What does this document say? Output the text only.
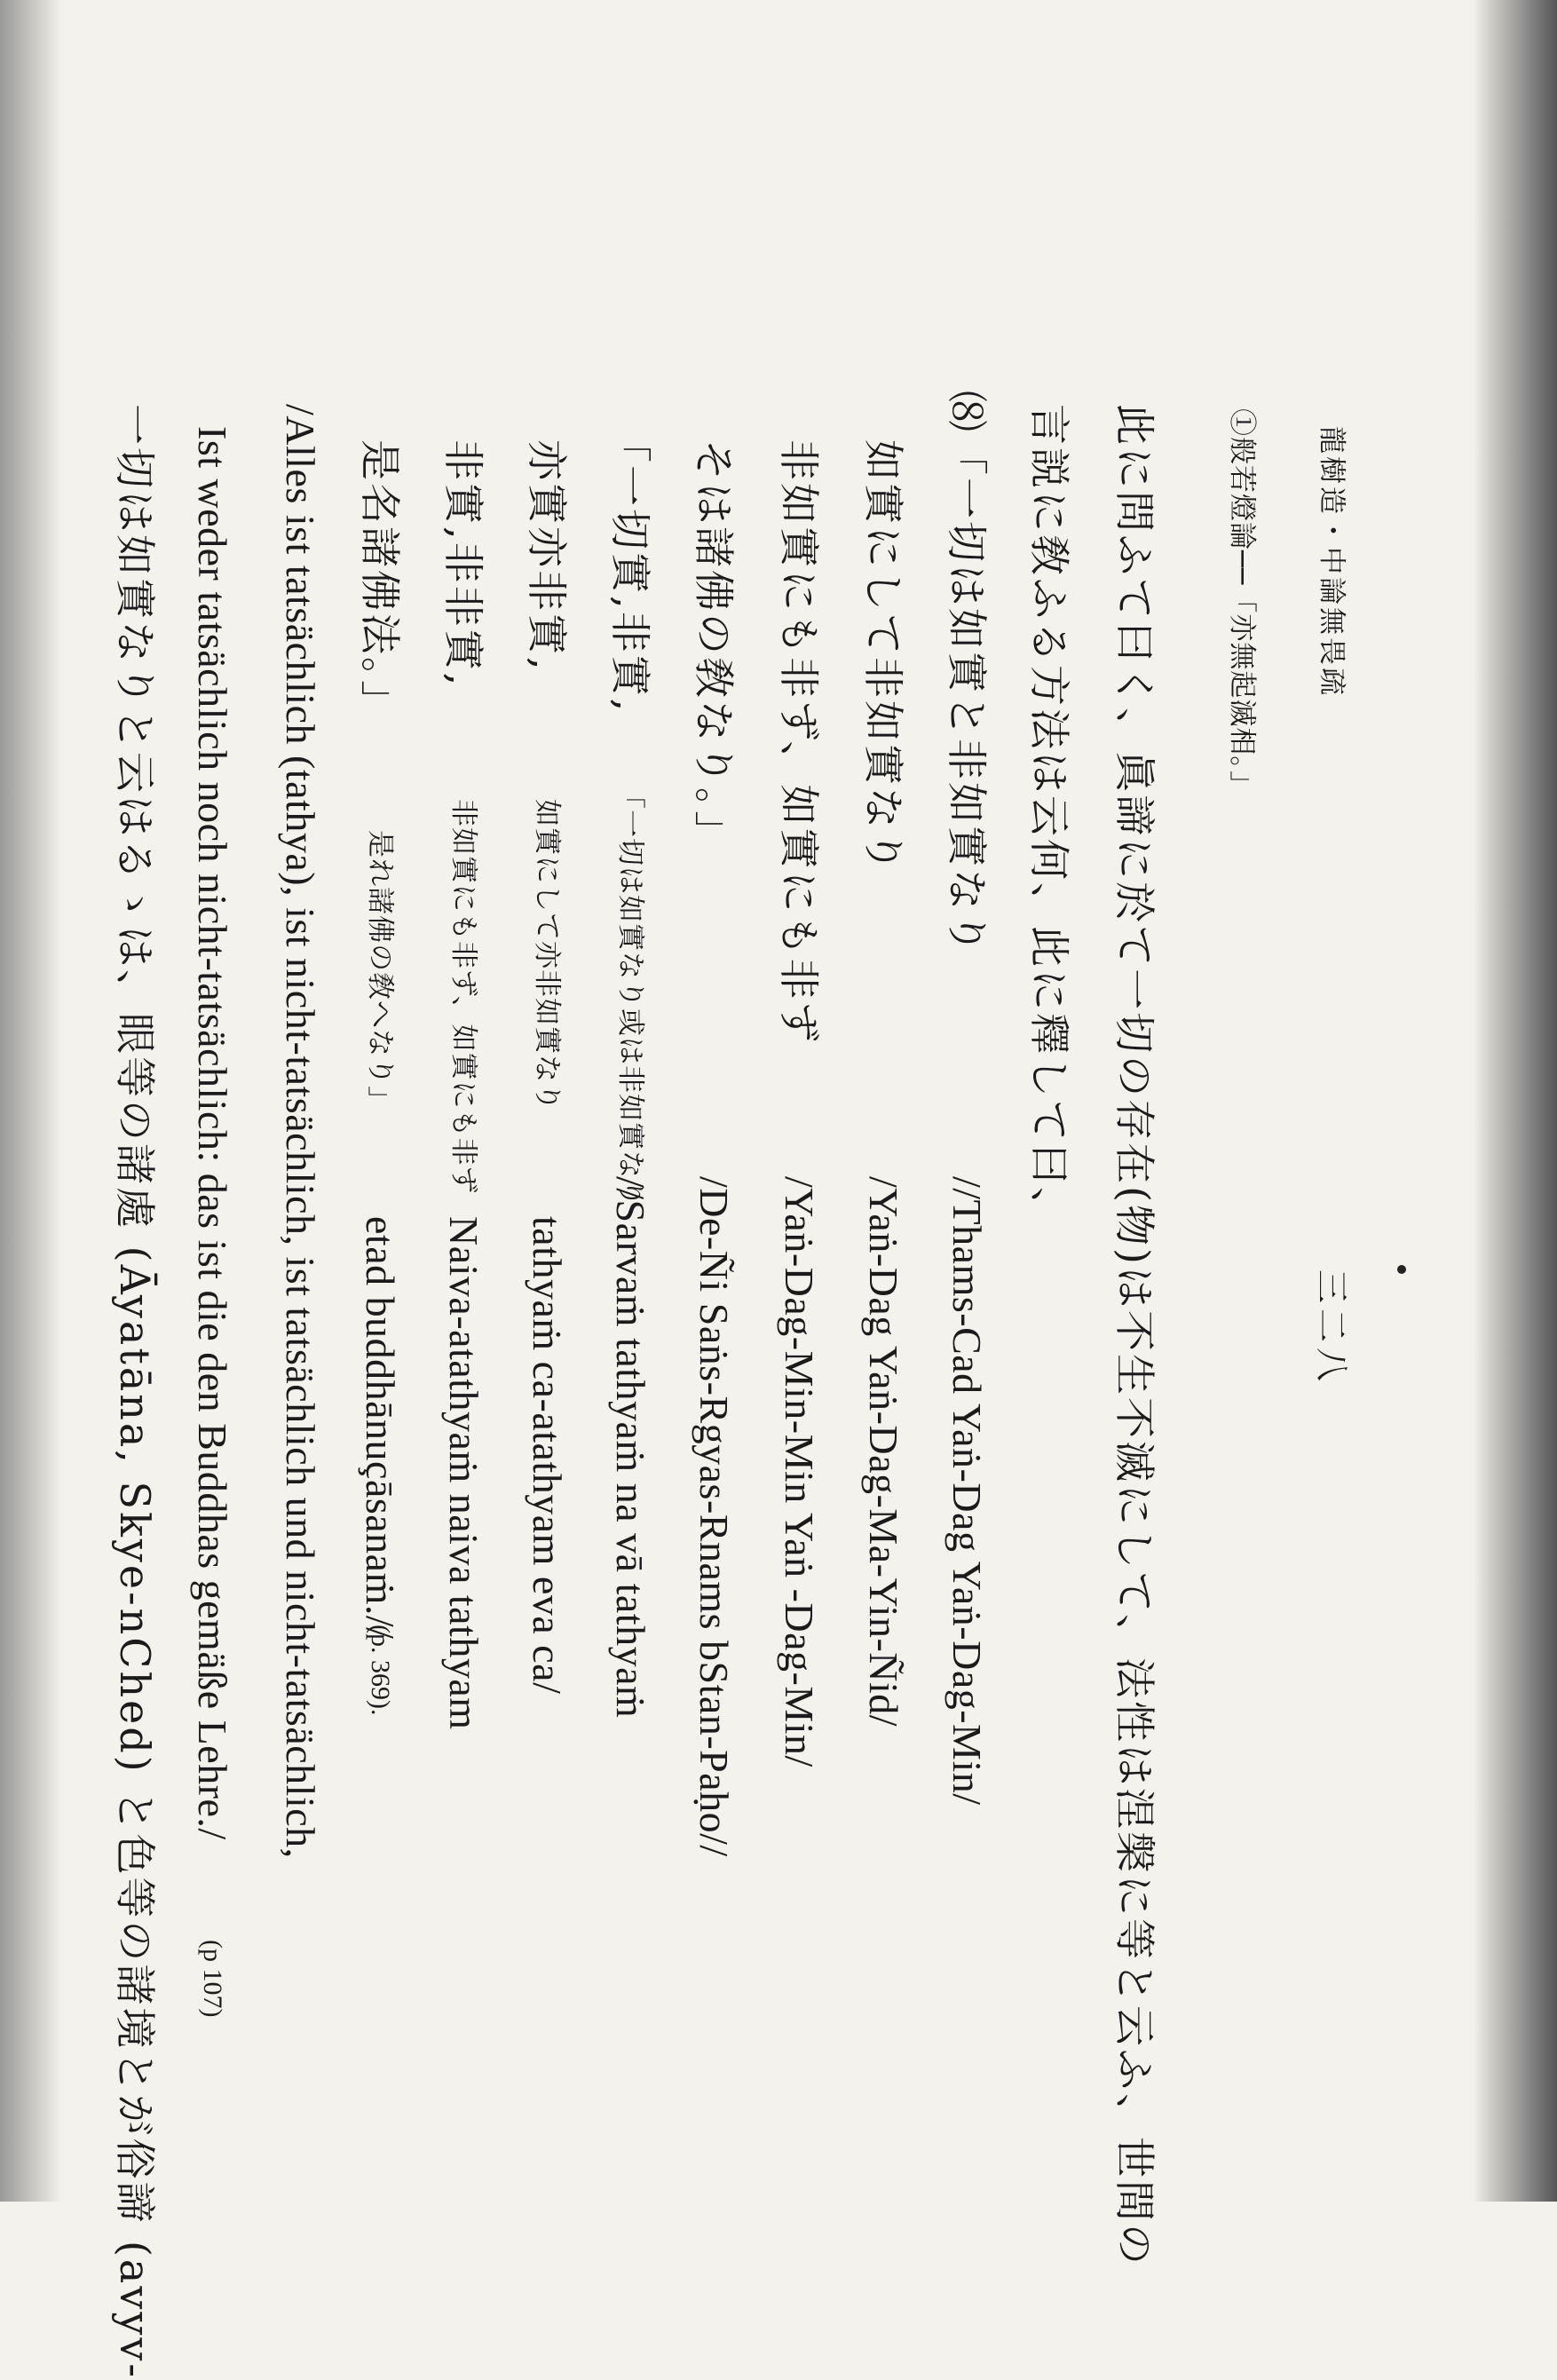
龍樹造・中論無畏疏
三二八
①般若燈論──「亦無起滅相。」
此に問ふて曰く、眞諦に於て一切の存在(物)は不生不滅にして、法性は涅槃に等と云ふ、世間の
言説に敎ふる方法は云何、此に釋して曰、
⑻「一切は如實と非如實なり
//Thams-Cad Yaṅ-Dag Yaṅ-Dag-Min/
如實にして非如實なり
/Yaṅ-Dag Yaṅ-Dag-Ma-Yin-Ñid/
非如實にも非ず、如實にも非ず
/Yaṅ-Dag-Min-Min Yaṅ -Dag-Min/
そは諸佛の敎なり。」
/De-Ñi Saṅs-Rgyas-Rnams bStan-Paḥo//
「一切實,非實,
「一切は如實なり或は非如實なり
//Sarvaṁ tathyaṁ na vā tathyaṁ
亦實亦非實,
如實にして亦非如實なり
tathyaṁ ca-atathyam eva ca/
非實,非非實,
非如實にも非ず、如實にも非ず
Naiva-atathyaṁ naiva tathyam
是名諸佛法。」
是れ諸佛の敎へなり」
etad buddhānuçāsanaṁ.//
(p. 369).
/Alles ist tatsächlich (tathya), ist nicht-tatsächlich, ist tatsächlich und nicht-tatsächlich,
Ist weder tatsächlich noch nicht-tatsächlich: das ist die den Buddhas gemäße Lehre./
(p 107)
一切は如實なりと云はるゝは、眼等の諸處 (Āyatāna, Skye-nChed) と色等の諸境とが俗諦 (avyv-
